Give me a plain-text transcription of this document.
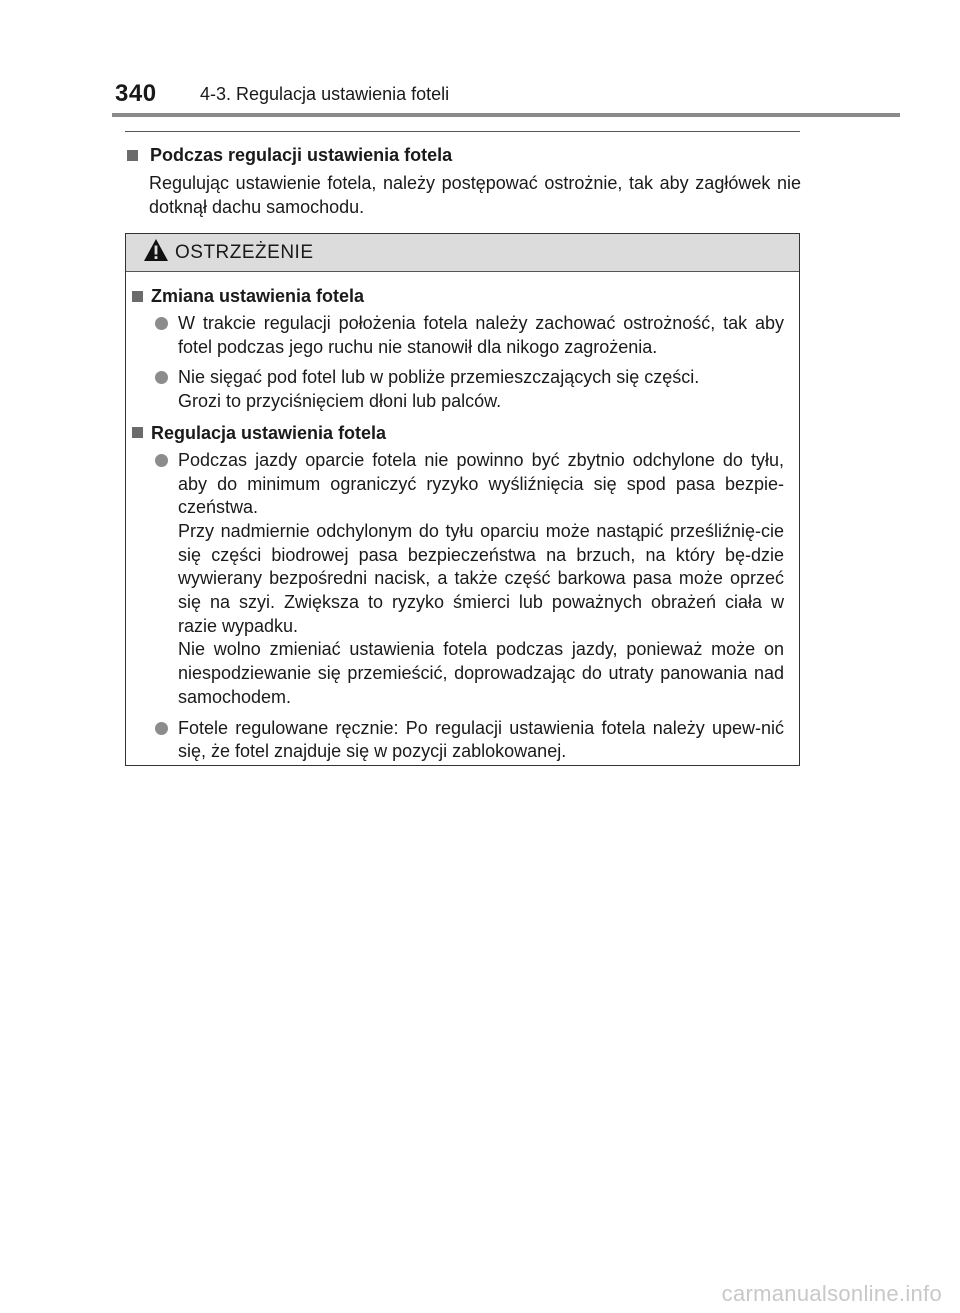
340 4-3. Regulacja ustawienia foteli
Podczas regulacji ustawienia fotela
Regulując ustawienie fotela, należy postępować ostrożnie, tak aby zagłówek nie dotknął dachu samochodu.
OSTRZEŻENIE
Zmiana ustawienia fotela
W trakcie regulacji położenia fotela należy zachować ostrożność, tak aby fotel podczas jego ruchu nie stanowił dla nikogo zagrożenia.
Nie sięgać pod fotel lub w pobliże przemieszczających się części.
Grozi to przyciśnięciem dłoni lub palców.
Regulacja ustawienia fotela
Podczas jazdy oparcie fotela nie powinno być zbytnio odchylone do tyłu, aby do minimum ograniczyć ryzyko wyśliźnięcia się spod pasa bezpie-czeństwa.
Przy nadmiernie odchylonym do tyłu oparciu może nastąpić prześliźnię-cie się części biodrowej pasa bezpieczeństwa na brzuch, na który bę-dzie wywierany bezpośredni nacisk, a także część barkowa pasa może oprzeć się na szyi. Zwiększa to ryzyko śmierci lub poważnych obrażeń ciała w razie wypadku.
Nie wolno zmieniać ustawienia fotela podczas jazdy, ponieważ może on niespodziewanie się przemieścić, doprowadzając do utraty panowania nad samochodem.
Fotele regulowane ręcznie: Po regulacji ustawienia fotela należy upew-nić się, że fotel znajduje się w pozycji zablokowanej.
carmanualsonline.info
